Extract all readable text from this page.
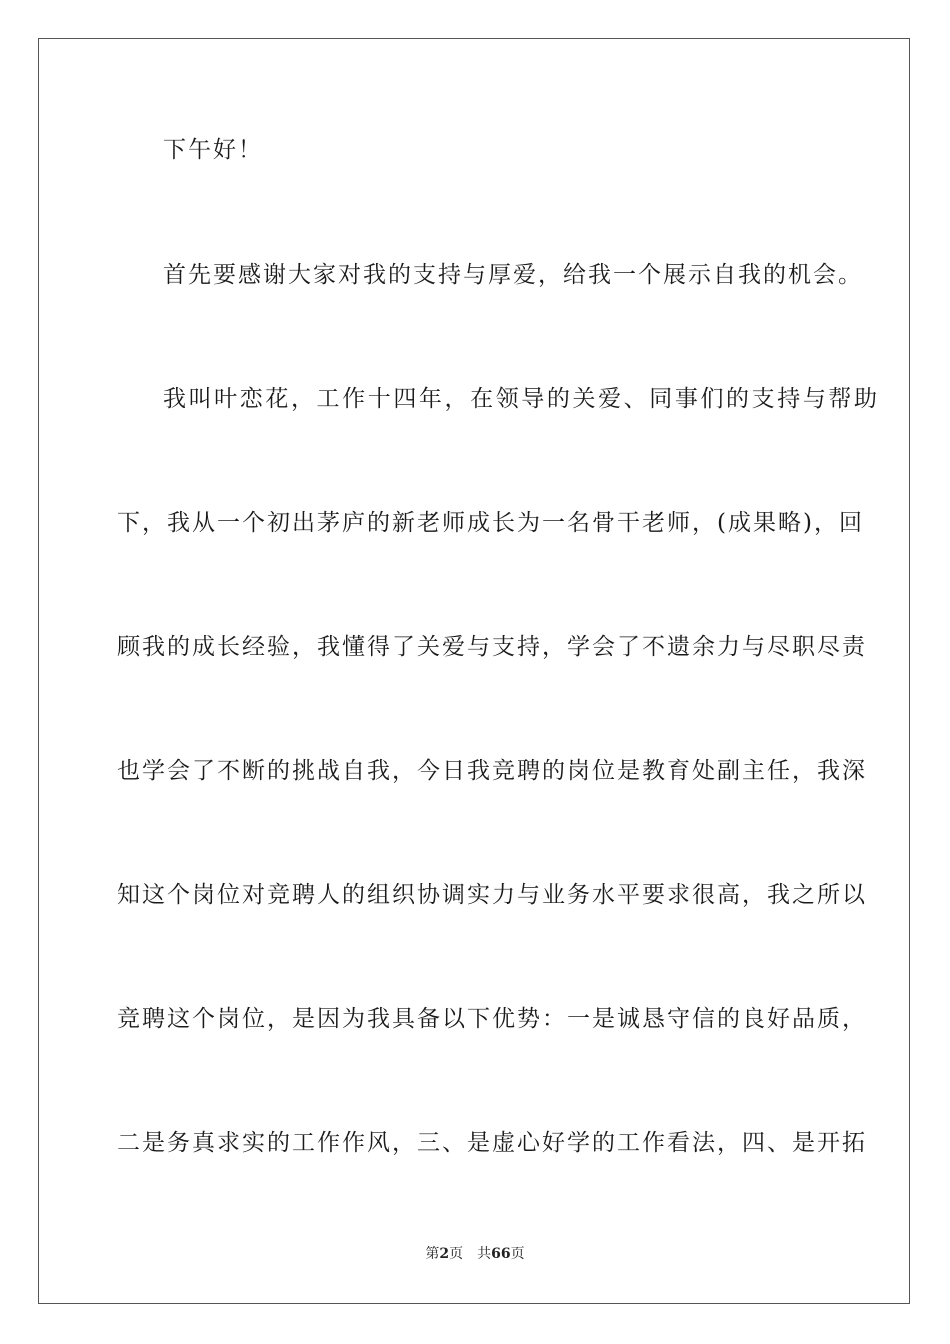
下午好！
首先要感谢大家对我的支持与厚爱，给我一个展示自我的机会。
我叫叶恋花，工作十四年，在领导的关爱、同事们的支持与帮助
下，我从一个初出茅庐的新老师成长为一名骨干老师，(成果略)，回
顾我的成长经验，我懂得了关爱与支持，学会了不遗余力与尽职尽责
也学会了不断的挑战自我，今日我竞聘的岗位是教育处副主任，我深
知这个岗位对竞聘人的组织协调实力与业务水平要求很高，我之所以
竞聘这个岗位，是因为我具备以下优势：一是诚恳守信的良好品质，
二是务真求实的工作作风，三、是虚心好学的工作看法，四、是开拓
第2页 共66页
